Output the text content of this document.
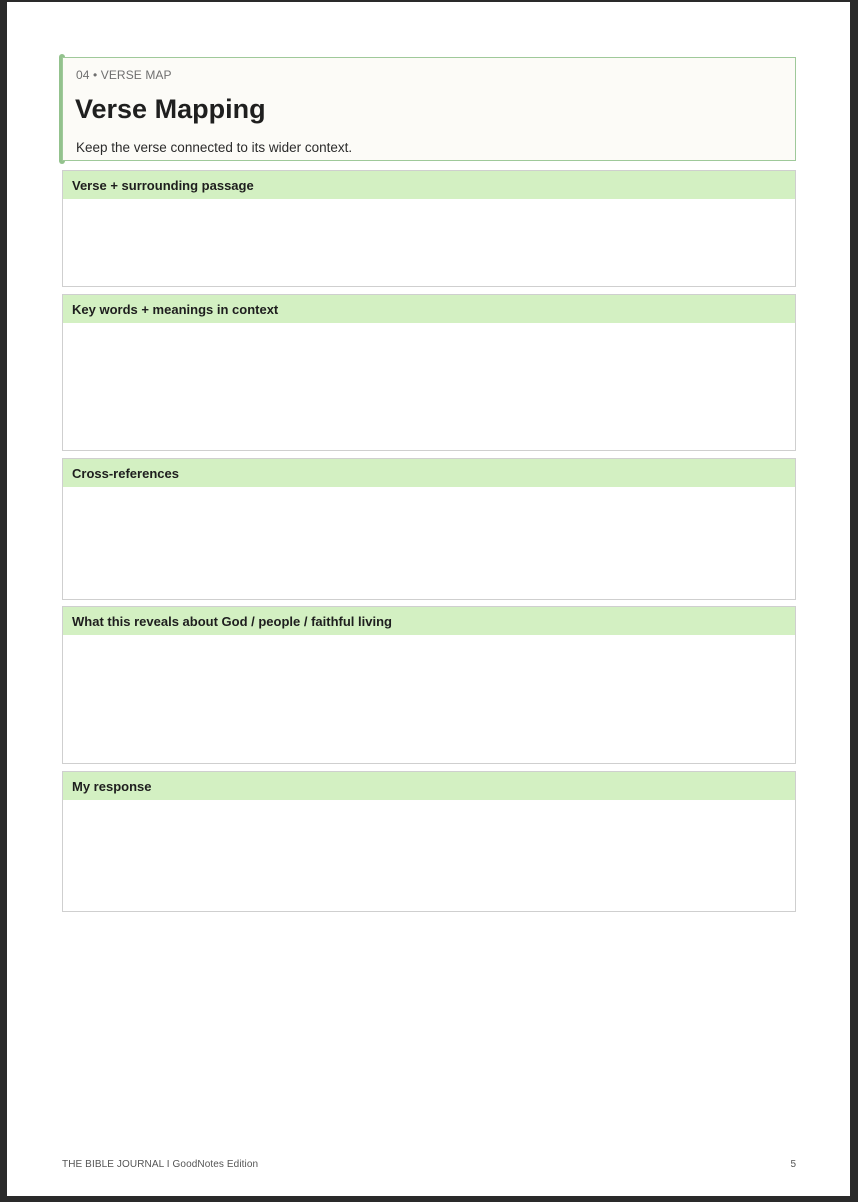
04 • VERSE MAP
Verse Mapping
Keep the verse connected to its wider context.
Verse + surrounding passage
Key words + meanings in context
Cross-references
What this reveals about God / people / faithful living
My response
THE BIBLE JOURNAL I GoodNotes Edition	5
